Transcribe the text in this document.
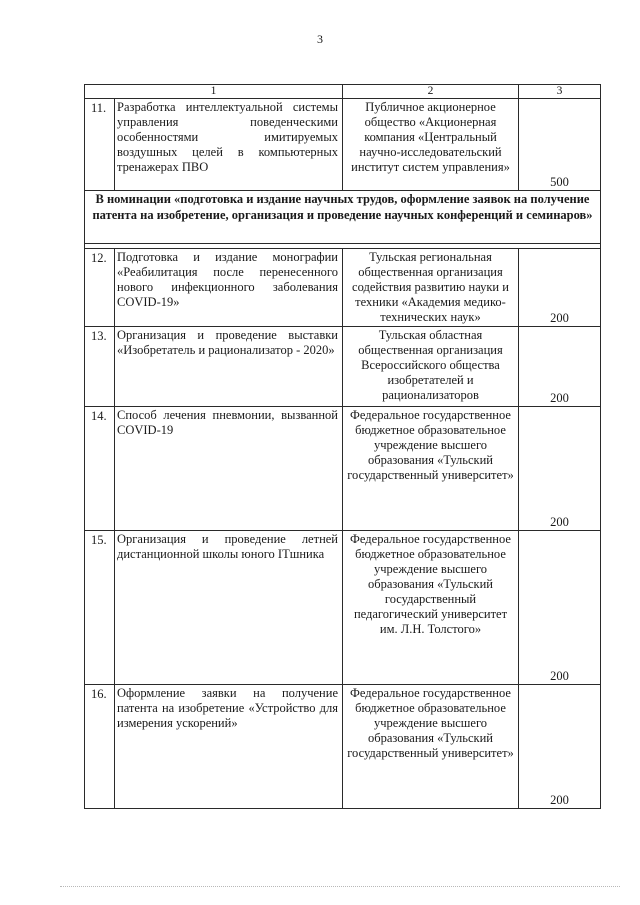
3
1		2	3
11.	Разработка интеллектуальной системы управления поведенческими особенностями имитируемых воздушных целей в компьютерных тренажерах ПВО	Публичное акционерное общество «Акционерная компания «Центральный научно-исследовательский институт систем управления»	500
В номинации «подготовка и издание научных трудов, оформление заявок на получение патента на изобретение, организация и проведение научных конференций и семинаров»			

12.	Подготовка и издание монографии «Реабилитация после перенесенного нового инфекционного заболевания COVID-19»	Тульская региональная общественная организация содействия развитию науки и техники «Академия медико-технических наук»	200
13.	Организация и проведение выставки «Изобретатель и рационализатор - 2020»	Тульская областная общественная организация Всероссийского общества изобретателей и рационализаторов	200
14.	Способ лечения пневмонии, вызванной COVID-19	Федеральное государственное бюджетное образовательное учреждение высшего образования «Тульский государственный университет»	200
15.	Организация и проведение летней дистанционной школы юного ITшника	Федеральное государственное бюджетное образовательное учреждение высшего образования «Тульский государственный педагогический университет им. Л.Н. Толстого»	200
16.	Оформление заявки на получение патента на изобретение «Устройство для измерения ускорений»	Федеральное государственное бюджетное образовательное учреждение высшего образования «Тульский государственный университет»	200
